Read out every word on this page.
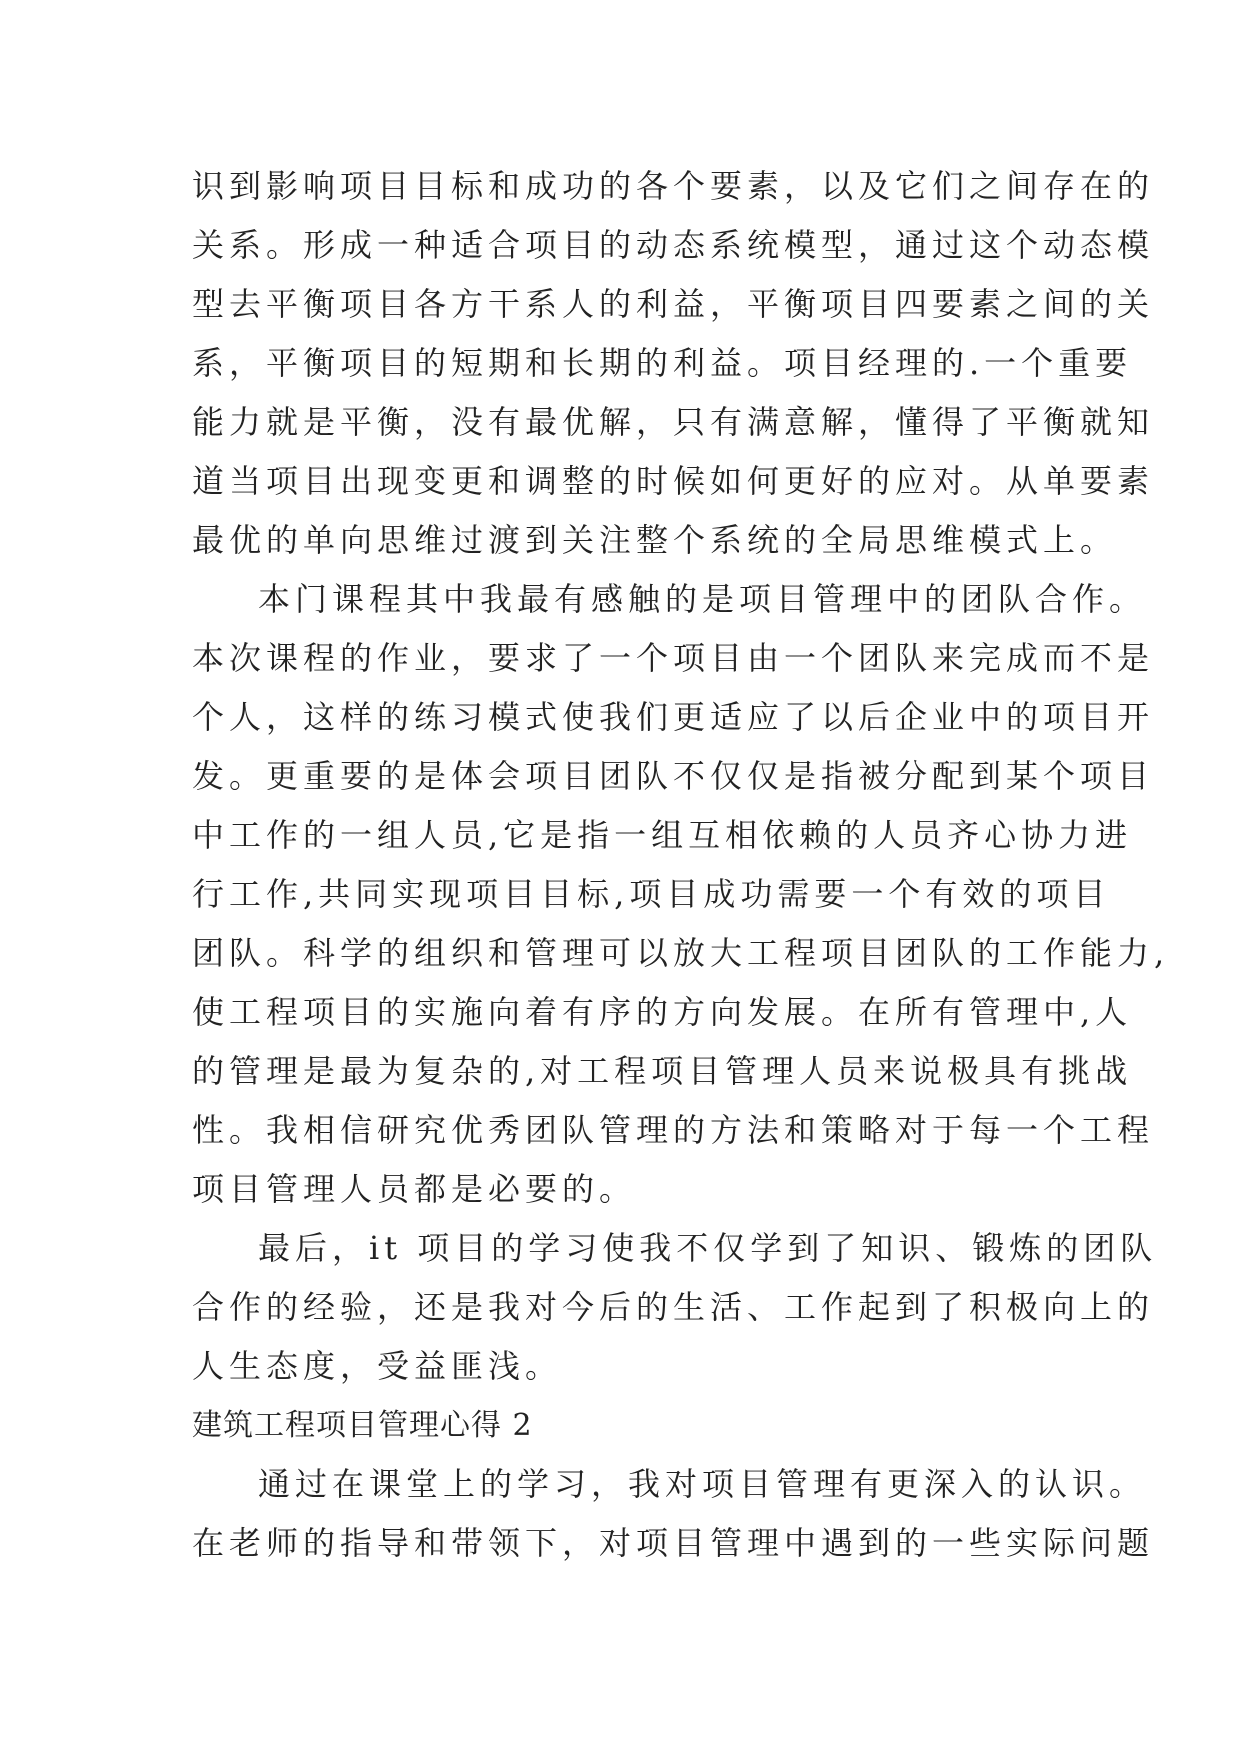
识到影响项目目标和成功的各个要素，以及它们之间存在的
关系。形成一种适合项目的动态系统模型，通过这个动态模
型去平衡项目各方干系人的利益，平衡项目四要素之间的关
系，平衡项目的短期和长期的利益。项目经理的.一个重要
能力就是平衡，没有最优解，只有满意解，懂得了平衡就知
道当项目出现变更和调整的时候如何更好的应对。从单要素
最优的单向思维过渡到关注整个系统的全局思维模式上。
本门课程其中我最有感触的是项目管理中的团队合作。
本次课程的作业，要求了一个项目由一个团队来完成而不是
个人，这样的练习模式使我们更适应了以后企业中的项目开
发。更重要的是体会项目团队不仅仅是指被分配到某个项目
中工作的一组人员,它是指一组互相依赖的人员齐心协力进
行工作,共同实现项目目标,项目成功需要一个有效的项目
团队。科学的组织和管理可以放大工程项目团队的工作能力,
使工程项目的实施向着有序的方向发展。在所有管理中,人
的管理是最为复杂的,对工程项目管理人员来说极具有挑战
性。我相信研究优秀团队管理的方法和策略对于每一个工程
项目管理人员都是必要的。
最后，it 项目的学习使我不仅学到了知识、锻炼的团队
合作的经验，还是我对今后的生活、工作起到了积极向上的
人生态度，受益匪浅。
建筑工程项目管理心得 2
通过在课堂上的学习，我对项目管理有更深入的认识。
在老师的指导和带领下，对项目管理中遇到的一些实际问题
